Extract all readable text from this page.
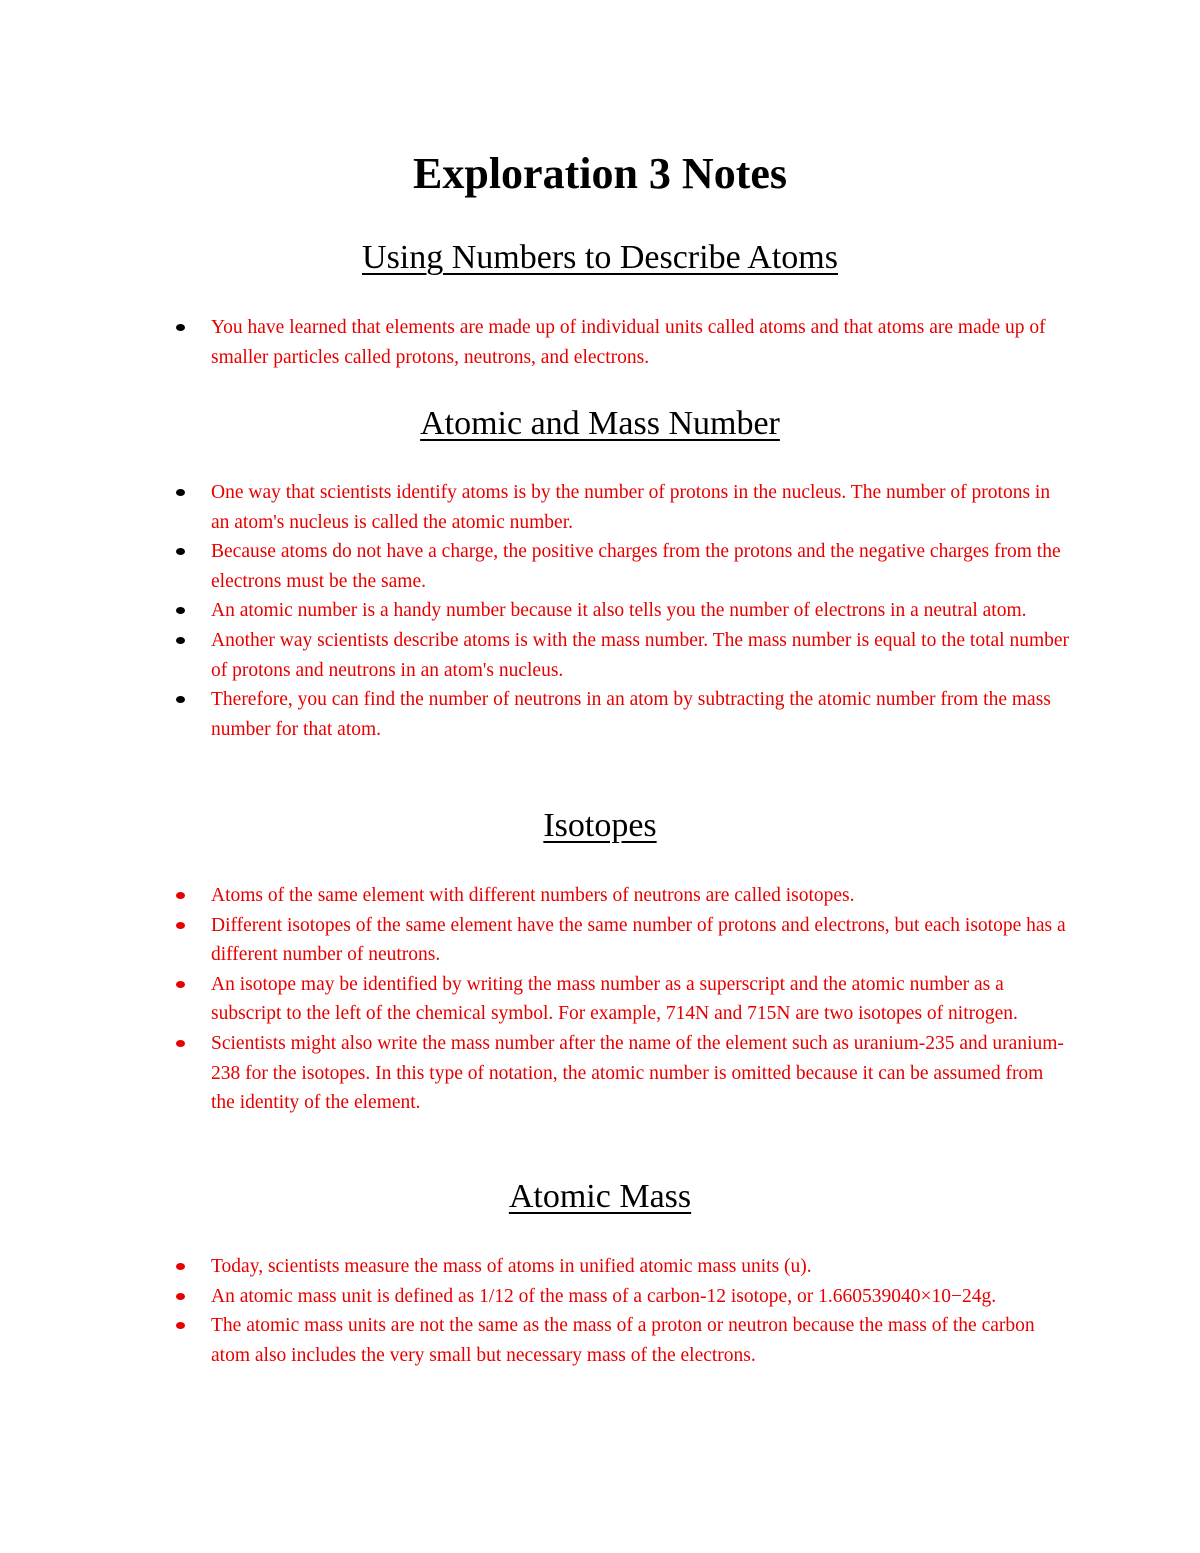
Exploration 3 Notes
Using Numbers to Describe Atoms
You have learned that elements are made up of individual units called atoms and that atoms are made up of smaller particles called protons, neutrons, and electrons.
Atomic and Mass Number
One way that scientists identify atoms is by the number of protons in the nucleus. The number of protons in an atom's nucleus is called the atomic number.
Because atoms do not have a charge, the positive charges from the protons and the negative charges from the electrons must be the same.
An atomic number is a handy number because it also tells you the number of electrons in a neutral atom.
Another way scientists describe atoms is with the mass number. The mass number is equal to the total number of protons and neutrons in an atom's nucleus.
Therefore, you can find the number of neutrons in an atom by subtracting the atomic number from the mass number for that atom.
Isotopes
Atoms of the same element with different numbers of neutrons are called isotopes.
Different isotopes of the same element have the same number of protons and electrons, but each isotope has a different number of neutrons.
An isotope may be identified by writing the mass number as a superscript and the atomic number as a subscript to the left of the chemical symbol. For example, 714N and 715N are two isotopes of nitrogen.
Scientists might also write the mass number after the name of the element such as uranium-235 and uranium-238 for the isotopes. In this type of notation, the atomic number is omitted because it can be assumed from the identity of the element.
Atomic Mass
Today, scientists measure the mass of atoms in unified atomic mass units (u).
An atomic mass unit is defined as 1/12 of the mass of a carbon-12 isotope, or 1.660539040×10−24g.
The atomic mass units are not the same as the mass of a proton or neutron because the mass of the carbon atom also includes the very small but necessary mass of the electrons.
